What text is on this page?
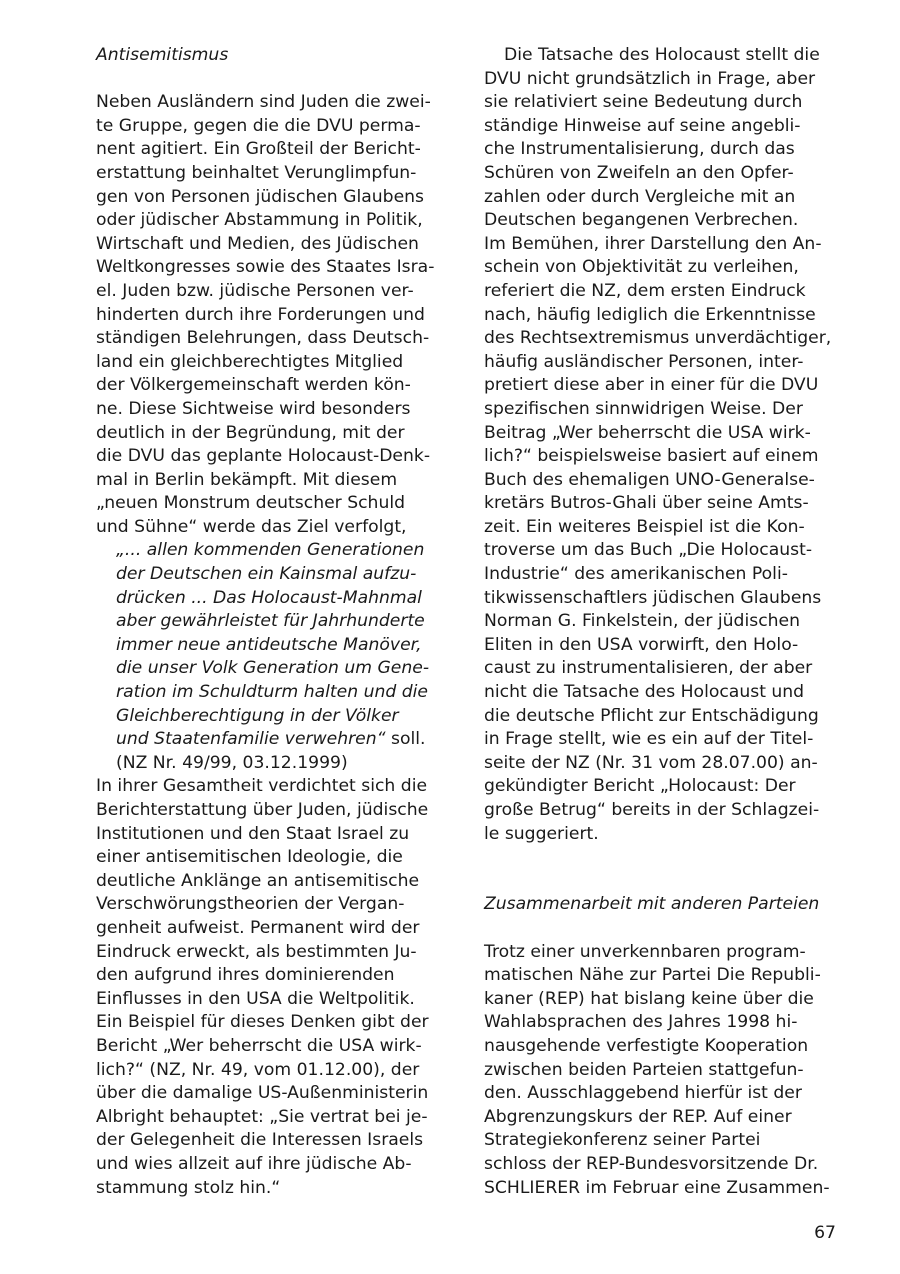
Antisemitismus
Neben Ausländern sind Juden die zwei-
te Gruppe, gegen die die DVU perma-
nent agitiert. Ein Großteil der Bericht-
erstattung beinhaltet Verunglimpfun-
gen von Personen jüdischen Glaubens
oder jüdischer Abstammung in Politik,
Wirtschaft und Medien, des Jüdischen
Weltkongresses sowie des Staates Isra-
el. Juden bzw. jüdische Personen ver-
hinderten durch ihre Forderungen und
ständigen Belehrungen, dass Deutsch-
land ein gleichberechtigtes Mitglied
der Völkergemeinschaft werden kön-
ne. Diese Sichtweise wird besonders
deutlich in der Begründung, mit der
die DVU das geplante Holocaust-Denk-
mal in Berlin bekämpft. Mit diesem
„neuen Monstrum deutscher Schuld
und Sühne“ werde das Ziel verfolgt,
„... allen kommenden Generationen
der Deutschen ein Kainsmal aufzu-
drücken ... Das Holocaust-Mahnmal
aber gewährleistet für Jahrhunderte
immer neue antideutsche Manöver,
die unser Volk Generation um Gene-
ration im Schuldturm halten und die
Gleichberechtigung in der Völker
und Staatenfamilie verwehren“ soll.
(NZ Nr. 49/99, 03.12.1999)
In ihrer Gesamtheit verdichtet sich die
Berichterstattung über Juden, jüdische
Institutionen und den Staat Israel zu
einer antisemitischen Ideologie, die
deutliche Anklänge an antisemitische
Verschwörungstheorien der Vergan-
genheit aufweist. Permanent wird der
Eindruck erweckt, als bestimmten Ju-
den aufgrund ihres dominierenden
Einflusses in den USA die Weltpolitik.
Ein Beispiel für dieses Denken gibt der
Bericht „Wer beherrscht die USA wirk-
lich?“ (NZ, Nr. 49, vom 01.12.00), der
über die damalige US-Außenministerin
Albright behauptet: „Sie vertrat bei je-
der Gelegenheit die Interessen Israels
und wies allzeit auf ihre jüdische Ab-
stammung stolz hin.“
Die Tatsache des Holocaust stellt die
DVU nicht grundsätzlich in Frage, aber
sie relativiert seine Bedeutung durch
ständige Hinweise auf seine angebli-
che Instrumentalisierung, durch das
Schüren von Zweifeln an den Opfer-
zahlen oder durch Vergleiche mit an
Deutschen begangenen Verbrechen.
Im Bemühen, ihrer Darstellung den An-
schein von Objektivität zu verleihen,
referiert die NZ, dem ersten Eindruck
nach, häufig lediglich die Erkenntnisse
des Rechtsextremismus unverdächtiger,
häufig ausländischer Personen, inter-
pretiert diese aber in einer für die DVU
spezifischen sinnwidrigen Weise. Der
Beitrag „Wer beherrscht die USA wirk-
lich?“ beispielsweise basiert auf einem
Buch des ehemaligen UNO-Generalse-
kretärs Butros-Ghali über seine Amts-
zeit. Ein weiteres Beispiel ist die Kon-
troverse um das Buch „Die Holocaust-
Industrie“ des amerikanischen Poli-
tikwissenschaftlers jüdischen Glaubens
Norman G. Finkelstein, der jüdischen
Eliten in den USA vorwirft, den Holo-
caust zu instrumentalisieren, der aber
nicht die Tatsache des Holocaust und
die deutsche Pflicht zur Entschädigung
in Frage stellt, wie es ein auf der Titel-
seite der NZ (Nr. 31 vom 28.07.00) an-
gekündigter Bericht „Holocaust: Der
große Betrug“ bereits in der Schlagzei-
le suggeriert.
Zusammenarbeit mit anderen Parteien
Trotz einer unverkennbaren program-
matischen Nähe zur Partei Die Republi-
kaner (REP) hat bislang keine über die
Wahlabsprachen des Jahres 1998 hi-
nausgehende verfestigte Kooperation
zwischen beiden Parteien stattgefun-
den. Ausschlaggebend hierfür ist der
Abgrenzungskurs der REP. Auf einer
Strategiekonferenz seiner Partei
schloss der REP-Bundesvorsitzende Dr.
SCHLIERER im Februar eine Zusammen-
67
